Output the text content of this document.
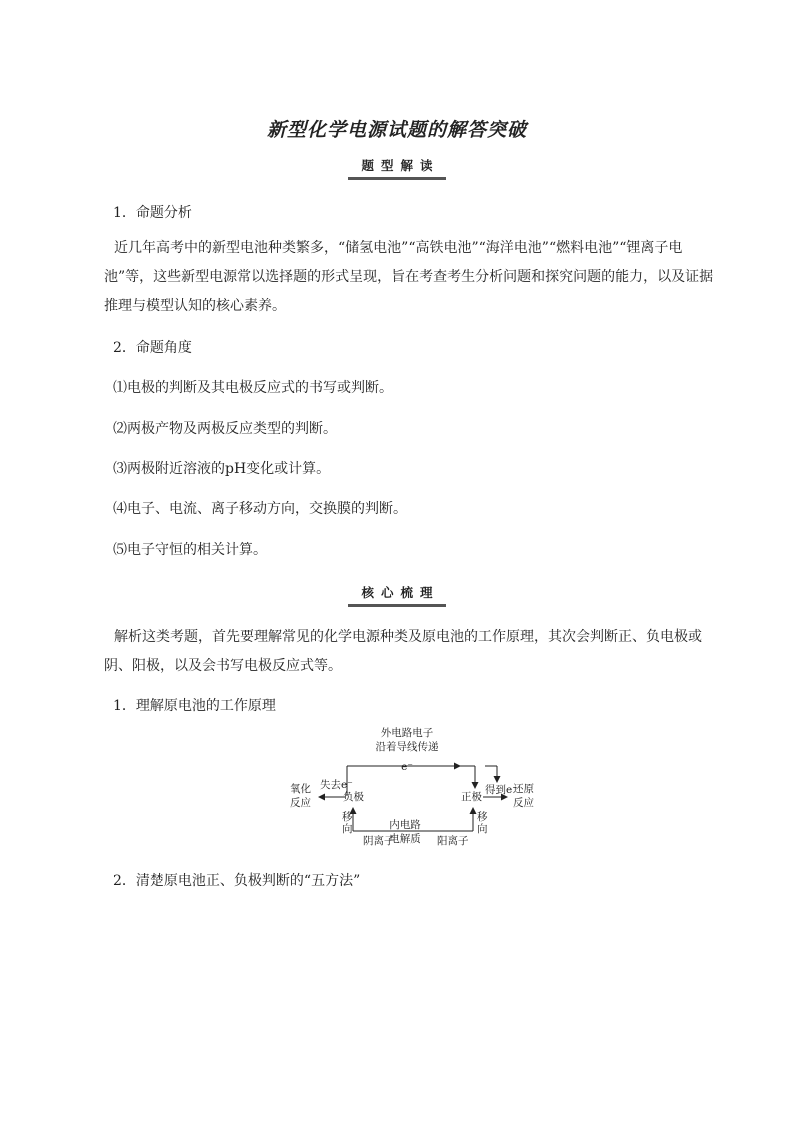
新型化学电源试题的解答突破
题型解读
1．命题分析
近几年高考中的新型电池种类繁多，“储氢电池”“高铁电池”“海洋电池”“燃料电池”“锂离子电池”等，这些新型电源常以选择题的形式呈现，旨在考查考生分析问题和探究问题的能力，以及证据推理与模型认知的核心素养。
2．命题角度
⑴电极的判断及其电极反应式的书写或判断。
⑵两极产物及两极反应类型的判断。
⑶两极附近溶液的pH变化或计算。
⑷电子、电流、离子移动方向，交换膜的判断。
⑸电子守恒的相关计算。
核心梳理
解析这类考题，首先要理解常见的化学电源种类及原电池的工作原理，其次会判断正、负电极或阴、阳极，以及会书写电极反应式等。
1．理解原电池的工作原理
外电路电子
沿着导线传递
e⁻
氧化
反应
失去e⁻
负极	正极
得到e⁻
还原
反应
移
向
移
向
内电路
电解质
阴离子	阳离子
2．清楚原电池正、负极判断的“五方法”
